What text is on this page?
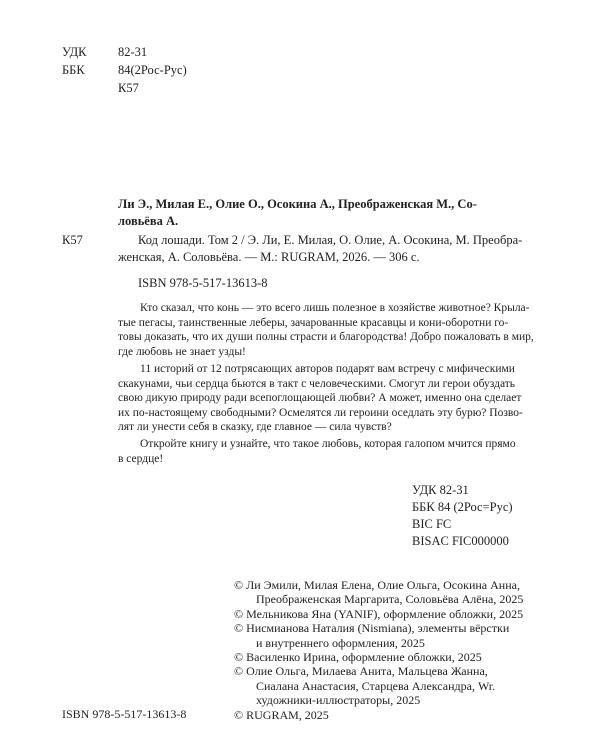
УДК	82-31
ББК	84(2Рос-Рус)
К57
Ли Э., Милая Е., Олие О., Осокина А., Преображенская М., Со-
ловьёва А.
К57	Код лошади. Том 2 / Э. Ли, Е. Милая, О. Олие, А. Осокина, М. Преобра-
женская, А. Соловьёва. — М.: RUGRAM, 2026. — 306 с.
ISBN 978-5-517-13613-8
Кто сказал, что конь — это всего лишь полезное в хозяйстве животное? Крыла-
тые пегасы, таинственные леберы, зачарованные красавцы и кони-оборотни го-
товы доказать, что их души полны страсти и благородства! Добро пожаловать в мир,
где любовь не знает узды!
11 историй от 12 потрясающих авторов подарят вам встречу с мифическими
скакунами, чьи сердца бьются в такт с человеческими. Смогут ли герои обуздать
свою дикую природу ради всепоглощающей любви? А может, именно она сделает
их по-настоящему свободными? Осмелятся ли героини оседлать эту бурю? Позво-
лят ли унести себя в сказку, где главное — сила чувств?
Откройте книгу и узнайте, что такое любовь, которая галопом мчится прямо
в сердце!
УДК 82-31
ББК 84 (2Рос=Рус)
BIC FC
BISAC FIC000000
© Ли Эмили, Милая Елена, Олие Ольга, Осокина Анна,
Преображенская Маргарита, Соловьёва Алёна, 2025
© Мельникова Яна (YANIF), оформление обложки, 2025
© Нисмианова Наталия (Nismiana), элементы вёрстки
и внутреннего оформления, 2025
© Василенко Ирина, оформление обложки, 2025
© Олие Ольга, Милаева Анита, Мальцева Жанна,
Сиалана Анастасия, Старцева Александра, Wr.
художники-иллюстраторы, 2025
© RUGRAM, 2025
ISBN 978-5-517-13613-8
